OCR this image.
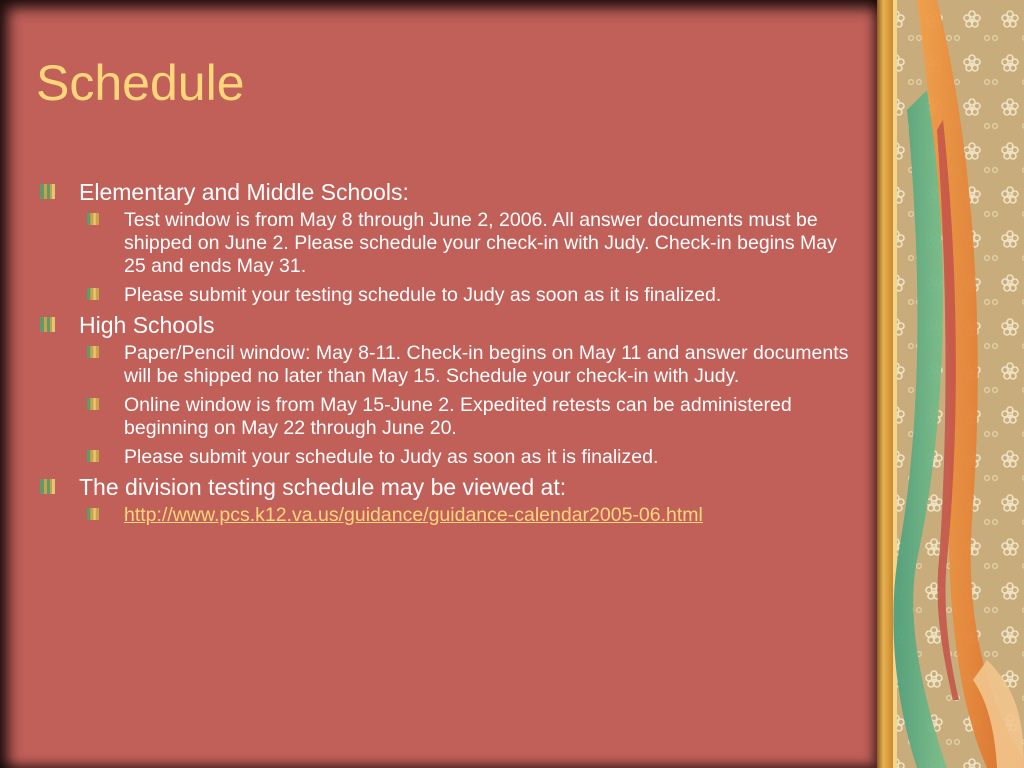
Schedule
Elementary and Middle Schools:
Test window is from May 8 through June 2, 2006. All answer documents must be shipped on June 2. Please schedule your check-in with Judy. Check-in begins May 25 and ends May 31.
Please submit your testing schedule to Judy as soon as it is finalized.
High Schools
Paper/Pencil window: May 8-11. Check-in begins on May 11 and answer documents will be shipped no later than May 15. Schedule your check-in with Judy.
Online window is from May 15-June 2. Expedited retests can be administered beginning on May 22 through June 20.
Please submit your schedule to Judy as soon as it is finalized.
The division testing schedule may be viewed at:
http://www.pcs.k12.va.us/guidance/guidance-calendar2005-06.html
